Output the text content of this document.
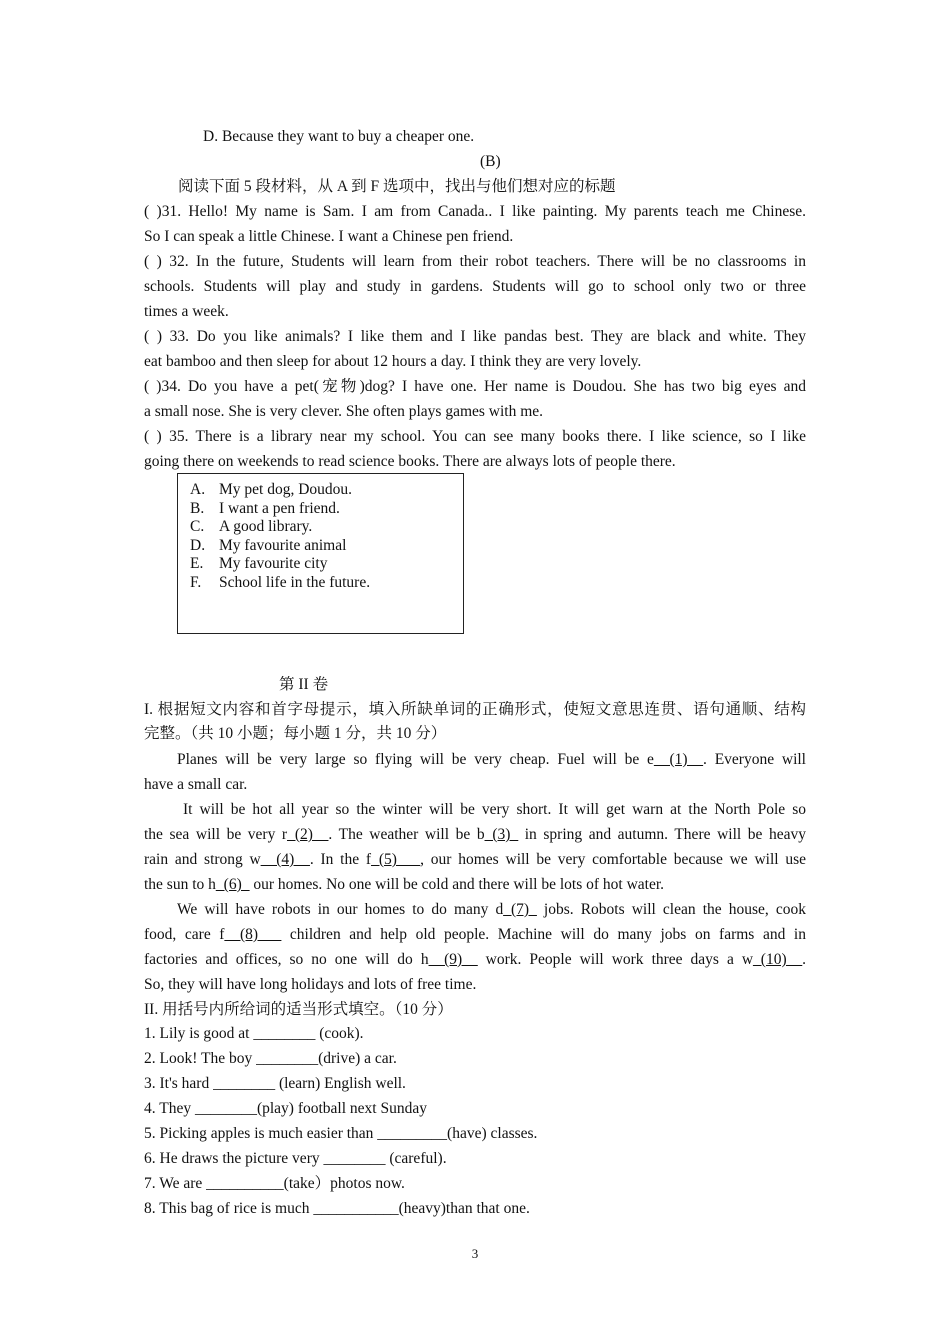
D. Because they want to buy a cheaper one.
(B)
阅读下面 5 段材料，从 A 到 F 选项中，找出与他们想对应的标题
( )31. Hello! My name is Sam. I am from Canada.. I like painting. My parents teach me Chinese.
So I can speak a little Chinese. I want a Chinese pen friend.
( ) 32. In the future, Students will learn from their robot teachers. There will be no classrooms in
schools. Students will play and study in gardens. Students will go to school only two or three
times a week.
( ) 33. Do you like animals? I like them and I like pandas best. They are black and white. They
eat bamboo and then sleep for about 12 hours a day. I think they are very lovely.
( )34. Do you have a pet(宠物)dog? I have one. Her name is Doudou. She has two big eyes and
a small nose. She is very clever. She often plays games with me.
( ) 35. There is a library near my school. You can see many books there. I like science, so I like
going there on weekends to read science books. There are always lots of people there.
A. My pet dog, Doudou.
B. I want a pen friend.
C. A good library.
D. My favourite animal
E. My favourite city
F. School life in the future.
第 II 卷
I. 根据短文内容和首字母提示，填入所缺单词的正确形式，使短文意思连贯、语句通顺、结构
完整。（共 10 小题；每小题 1 分，共 10 分）
Planes will be very large so flying will be very cheap. Fuel will be e__(1)__. Everyone will
have a small car.
It will be hot all year so the winter will be very short. It will get warn at the North Pole so
the sea will be very r_(2)__. The weather will be b_(3)_ in spring and autumn. There will be heavy
rain and strong w__(4)__. In the f_(5)___, our homes will be very comfortable because we will use
the sun to h_(6)_ our homes. No one will be cold and there will be lots of hot water.
We will have robots in our homes to do many d_(7)_ jobs. Robots will clean the house, cook
food, care f__(8)___ children and help old people. Machine will do many jobs on farms and in
factories and offices, so no one will do h__(9)__ work. People will work three days a w_(10)__.
So, they will have long holidays and lots of free time.
II. 用括号内所给词的适当形式填空。（10 分）
1. Lily is good at ________ (cook).
2. Look! The boy ________(drive) a car.
3. It's hard ________ (learn) English well.
4. They ________(play) football next Sunday
5. Picking apples is much easier than _________(have) classes.
6. He draws the picture very ________ (careful).
7. We are __________(take）photos now.
8. This bag of rice is much ___________(heavy)than that one.
3
